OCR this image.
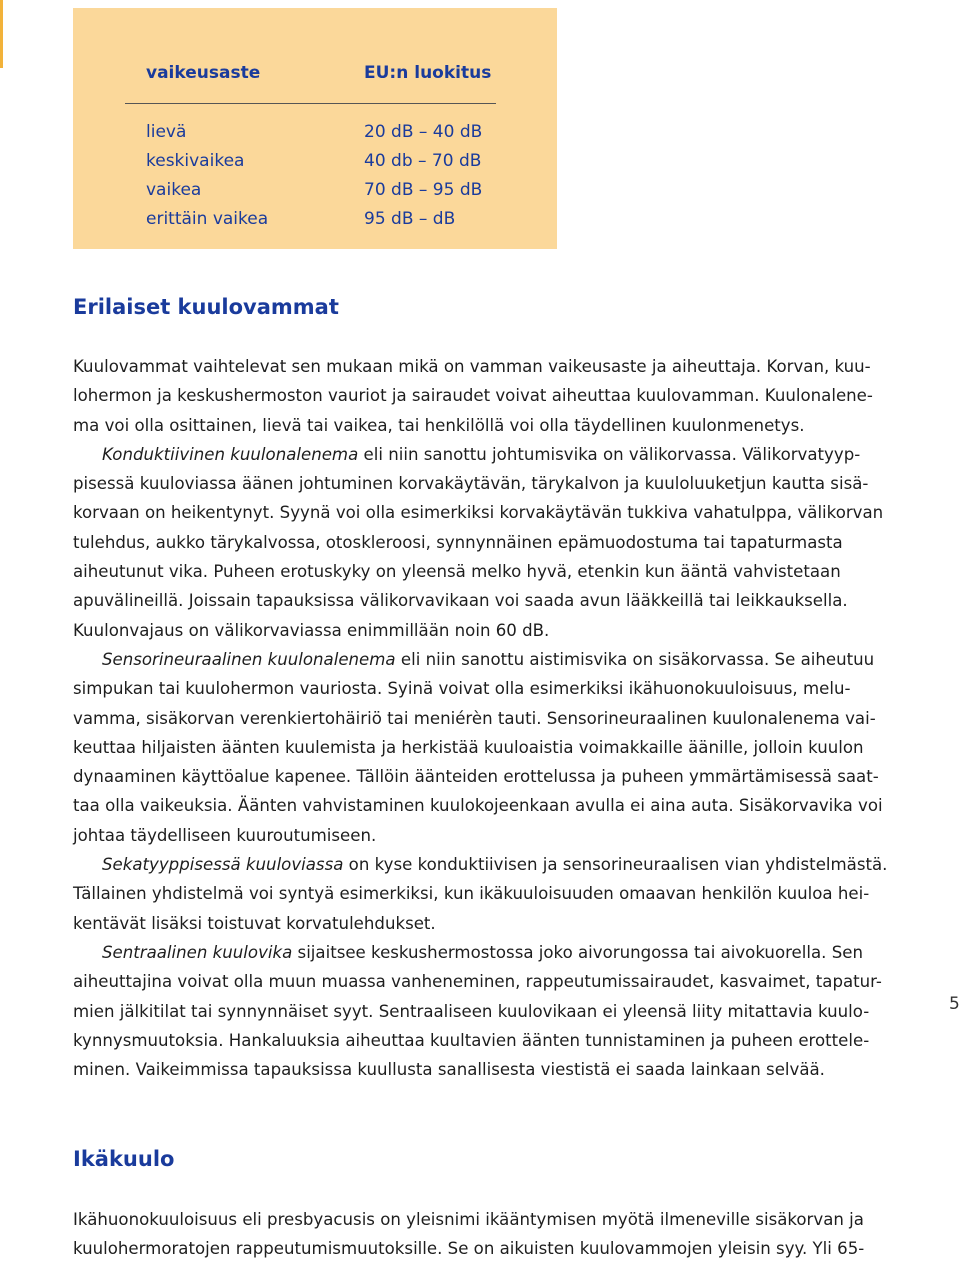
vaikeusaste	EU:n luokitus
lievä	20 dB – 40 dB
keskivaikea	40 db – 70 dB
vaikea	70 dB – 95 dB
erittäin vaikea	95 dB – dB
Erilaiset kuulovammat
Kuulovammat vaihtelevat sen mukaan mikä on vamman vaikeusaste ja aiheuttaja. Korvan, kuu-
lohermon ja keskushermoston vauriot ja sairaudet voivat aiheuttaa kuulovamman. Kuulonalene-
ma voi olla osittainen, lievä tai vaikea, tai henkilöllä voi olla täydellinen kuulonmenetys.
Konduktiivinen kuulonalenema eli niin sanottu johtumisvika on välikorvassa. Välikorvatyyp-
pisessä kuuloviassa äänen johtuminen korvakäytävän, tärykalvon ja kuuloluuketjun kautta sisä-
korvaan on heikentynyt. Syynä voi olla esimerkiksi korvakäytävän tukkiva vahatulppa, välikorvan
tulehdus, aukko tärykalvossa, otoskleroosi, synnynnäinen epämuodostuma tai tapaturmasta
aiheutunut vika. Puheen erotuskyky on yleensä melko hyvä, etenkin kun ääntä vahvistetaan
apuvälineillä. Joissain tapauksissa välikorvavikaan voi saada avun lääkkeillä tai leikkauksella.
Kuulonvajaus on välikorvaviassa enimmillään noin 60 dB.
Sensorineuraalinen kuulonalenema eli niin sanottu aistimisvika on sisäkorvassa. Se aiheutuu
simpukan tai kuulohermon vauriosta. Syinä voivat olla esimerkiksi ikähuonokuuloisuus, melu-
vamma, sisäkorvan verenkiertohäiriö tai meniérèn tauti. Sensorineuraalinen kuulonalenema vai-
keuttaa hiljaisten äänten kuulemista ja herkistää kuuloaistia voimakkaille äänille, jolloin kuulon
dynaaminen käyttöalue kapenee. Tällöin äänteiden erottelussa ja puheen ymmärtämisessä saat-
taa olla vaikeuksia. Äänten vahvistaminen kuulokojeenkaan avulla ei aina auta. Sisäkorvavika voi
johtaa täydelliseen kuuroutumiseen.
Sekatyyppisessä kuuloviassa on kyse konduktiivisen ja sensorineuraalisen vian yhdistelmästä.
Tällainen yhdistelmä voi syntyä esimerkiksi, kun ikäkuuloisuuden omaavan henkilön kuuloa hei-
kentävät lisäksi toistuvat korvatulehdukset.
Sentraalinen kuulovika sijaitsee keskushermostossa joko aivorungossa tai aivokuorella. Sen
aiheuttajina voivat olla muun muassa vanheneminen, rappeutumissairaudet, kasvaimet, tapatur-
mien jälkitilat tai synnynnäiset syyt. Sentraaliseen kuulovikaan ei yleensä liity mitattavia kuulo-
kynnysmuutoksia. Hankaluuksia aiheuttaa kuultavien äänten tunnistaminen ja puheen erottele-
minen. Vaikeimmissa tapauksissa kuullusta sanallisesta viestistä ei saada lainkaan selvää.
5
Ikäkuulo
Ikähuonokuuloisuus eli presbyacusis on yleisnimi ikääntymisen myötä ilmeneville sisäkorvan ja
kuulohermoratojen rappeutumismuutoksille. Se on aikuisten kuulovammojen yleisin syy. Yli 65-
